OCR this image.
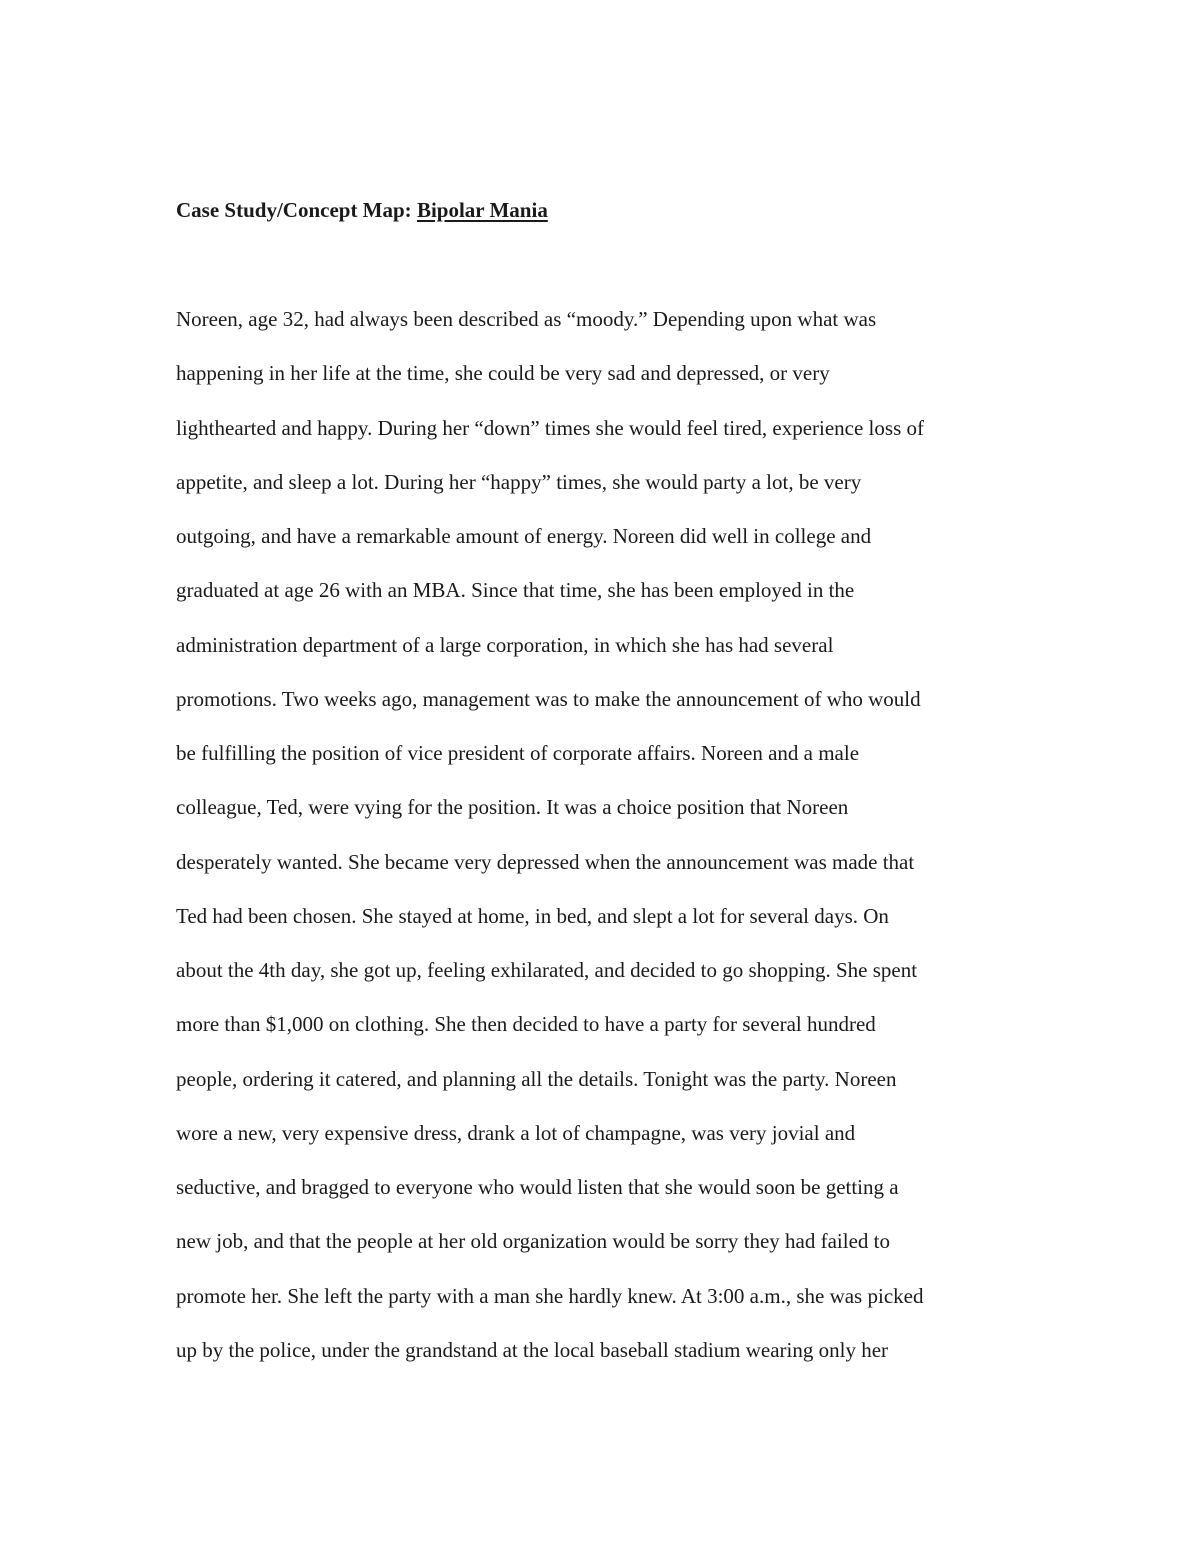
Case Study/Concept Map: Bipolar Mania
Noreen, age 32, had always been described as “moody.” Depending upon what was
happening in her life at the time, she could be very sad and depressed, or very
lighthearted and happy. During her “down” times she would feel tired, experience loss of
appetite, and sleep a lot. During her “happy” times, she would party a lot, be very
outgoing, and have a remarkable amount of energy. Noreen did well in college and
graduated at age 26 with an MBA. Since that time, she has been employed in the
administration department of a large corporation, in which she has had several
promotions. Two weeks ago, management was to make the announcement of who would
be fulfilling the position of vice president of corporate affairs. Noreen and a male
colleague, Ted, were vying for the position. It was a choice position that Noreen
desperately wanted. She became very depressed when the announcement was made that
Ted had been chosen. She stayed at home, in bed, and slept a lot for several days. On
about the 4th day, she got up, feeling exhilarated, and decided to go shopping. She spent
more than $1,000 on clothing. She then decided to have a party for several hundred
people, ordering it catered, and planning all the details. Tonight was the party. Noreen
wore a new, very expensive dress, drank a lot of champagne, was very jovial and
seductive, and bragged to everyone who would listen that she would soon be getting a
new job, and that the people at her old organization would be sorry they had failed to
promote her. She left the party with a man she hardly knew. At 3:00 a.m., she was picked
up by the police, under the grandstand at the local baseball stadium wearing only her
